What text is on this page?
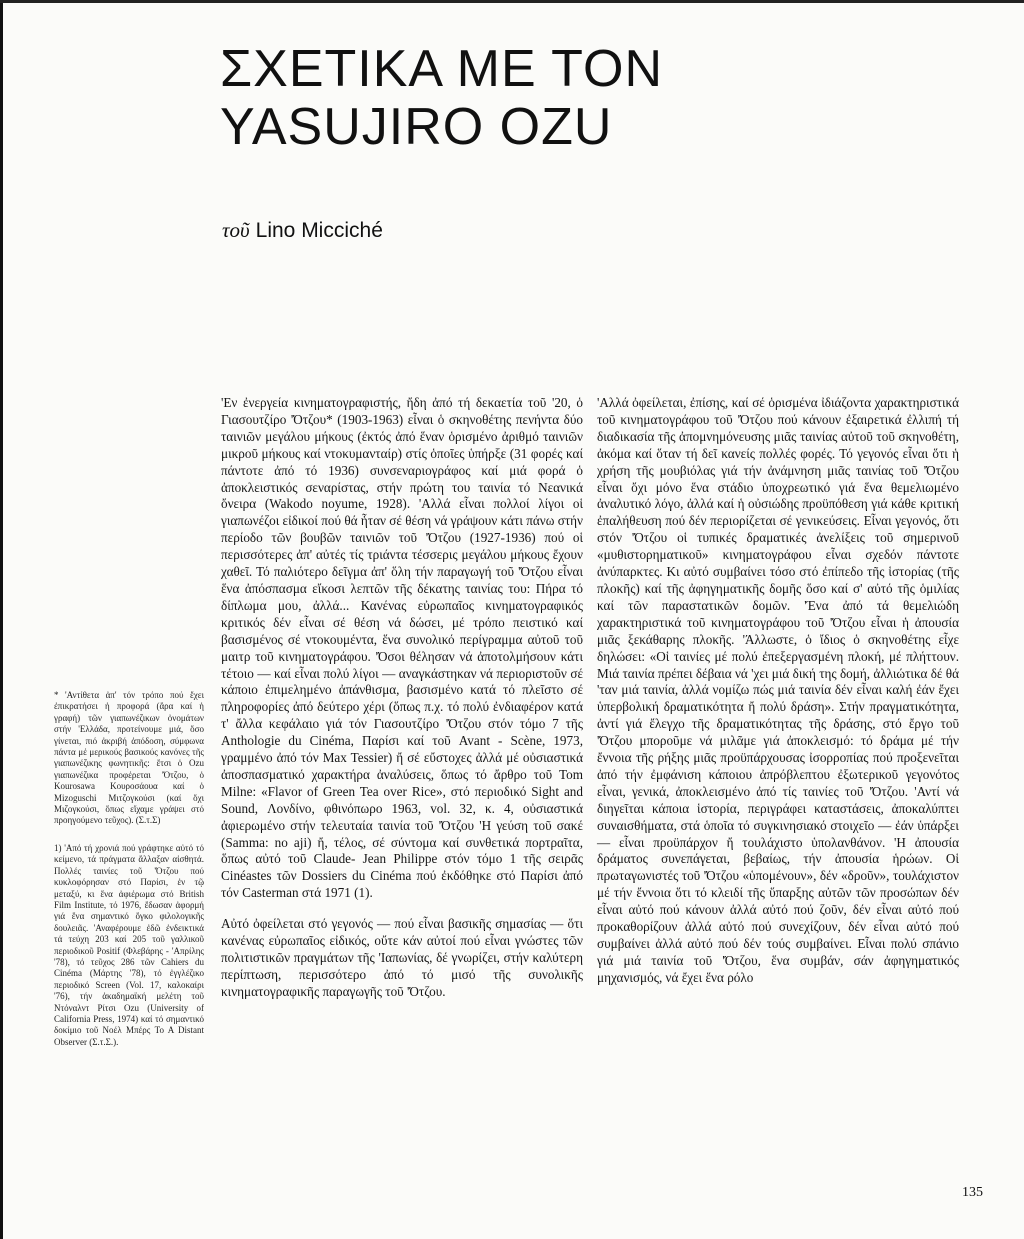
ΣΧΕΤΙΚΑ ΜΕ ΤΟΝ
YASUJIRO OZU
τοῦ Lino Micciché

* 'Αντίθετα ἀπ' τόν τρόπο πού ἔχει ἐπικρατήσει ἡ προφορά (ἄρα καί ἡ γραφή) τῶν γιαπωνέζικων ὀνομάτων στήν 'Ελλάδα, προτείνουμε μιά, ὅσο γίνεται, πιό ἀκριβή ἀπόδοση, σύμφωνα πάντα μέ μερικούς βασικούς κανόνες τῆς γιαπωνέζικης φωνητικῆς: ἔτσι ὁ Ozu γιαπωνέζικα προφέρεται 'Ότζου, ὁ Kourosawa Κουροσάουα καί ὁ Mizoguschi Μιτζογκούσι (καί ὄχι Μιζογκούσι, ὅπως εἴχαμε γράψει στό προηγούμενο τεῦχος). (Σ.τ.Σ)

1) 'Από τή χρονιά πού γράφτηκε αὐτό τό κείμενο, τά πράγματα ἄλλαξαν αἰσθητά. Πολλές ταινίες τοῦ 'Ότζου πού κυκλοφόρησαν στό Παρίσι, ἐν τῷ μεταξύ, κι ἕνα ἀφιέρωμα στό British Film Institute, τό 1976, ἔδωσαν ἀφορμή γιά ἕνα σημαντικό ὄγκο φιλολογικῆς δουλειᾶς. 'Αναφέρουμε ἐδῶ ἐνδεικτικά τά τεύχη 203 καί 205 τοῦ γαλλικοῦ περιοδικοῦ Positif (Φλεβάρης - 'Απρίλης '78), τό τεῦχος 286 τῶν Cahiers du Cinéma (Μάρτης '78), τό ἐγγλέζικο περιοδικό Screen (Vol. 17, καλοκαίρι '76), τήν ἀκαδημαϊκή μελέτη τοῦ Ντόναλντ Ρίτσι Ozu (University of California Press, 1974) καί τό σημαντικό δοκίμιο τοῦ Νοέλ Μπέρς To A Distant Observer (Σ.τ.Σ.).

'Εν ἐνεργεία κινηματογραφιστής, ἤδη ἀπό τή δεκαετία τοῦ '20, ὁ Γιασουτζίρο 'Ότζου* (1903-1963) εἶναι ὁ σκηνοθέτης πενήντα δύο ταινιῶν μεγάλου μήκους (ἐκτός ἀπό ἕναν ὁρισμένο ἀριθμό ταινιῶν μικροῦ μήκους καί ντοκυμανταίρ) στίς ὁποῖες ὑπήρξε (31 φορές καί πάντοτε ἀπό τό 1936) συνσεναριογράφος καί μιά φορά ὁ ἀποκλειστικός σεναρίστας, στήν πρώτη του ταινία τό Νεανικά ὄνειρα (Wakodo noyume, 1928). 'Αλλά εἶναι πολλοί λίγοι οἱ γιαπωνέζοι εἰδικοί πού θά ἦταν σέ θέση νά γράψουν κάτι πάνω στήν περίοδο τῶν βουβῶν ταινιῶν τοῦ 'Ότζου (1927-1936) πού οἱ περισσότερες ἀπ' αὐτές τίς τριάντα τέσσερις μεγάλου μήκους ἔχουν χαθεῖ. Τό παλιότερο δεῖγμα ἀπ' ὅλη τήν παραγωγή τοῦ 'Ότζου εἶναι ἕνα ἀπόσπασμα εἴκοσι λεπτῶν τῆς δέκατης ταινίας του: Πήρα τό δίπλωμα μου, ἀλλά... Κανένας εὐρωπαῖος κινηματογραφικός κριτικός δέν εἶναι σέ θέση νά δώσει, μέ τρόπο πειστικό καί βασισμένος σέ ντοκουμέντα, ἕνα συνολικό περίγραμμα αὐτοῦ τοῦ μαιτρ τοῦ κινηματογράφου. 'Όσοι θέλησαν νά ἀποτολμήσουν κάτι τέτοιο — καί εἶναι πολύ λίγοι — αναγκάστηκαν νά περιοριστοῦν σέ κάποιο ἐπιμελημένο ἀπάνθισμα, βασισμένο κατά τό πλεῖστο σέ πληροφορίες ἀπό δεύτερο χέρι (ὅπως π.χ. τό πολύ ἐνδιαφέρον κατά τ' ἄλλα κεφάλαιο γιά τόν Γιασουτζίρο 'Ότζου στόν τόμο 7 τῆς Anthologie du Cinéma, Παρίσι καί τοῦ Avant - Scène, 1973, γραμμένο ἀπό τόν Max Tessier) ἤ σέ εὔστοχες ἀλλά μέ οὐσιαστικά ἀποσπασματικό χαρακτήρα ἀναλύσεις, ὅπως τό ἄρθρο τοῦ Tom Milne: «Flavor of Green Tea over Rice», στό περιοδικό Sight and Sound, Λονδίνο, φθινόπωρο 1963, vol. 32, κ. 4, οὐσιαστικά ἀφιερωμένο στήν τελευταία ταινία τοῦ 'Ότζου 'Η γεύση τοῦ σακέ (Samma: no aji) ἤ, τέλος, σέ σύντομα καί συνθετικά πορτραῖτα, ὅπως αὐτό τοῦ Claude- Jean Philippe στόν τόμο 1 τῆς σειρᾶς Cinéastes τῶν Dossiers du Cinéma πού ἐκδόθηκε στό Παρίσι ἀπό τόν Casterman στά 1971 (1).

Αὐτό ὀφείλεται στό γεγονός — πού εἶναι βασικῆς σημασίας — ὅτι κανένας εὐρωπαῖος εἰδικός, οὔτε κάν αὐτοί πού εἶναι γνώστες τῶν πολιτιστικῶν πραγμάτων τῆς 'Ιαπωνίας, δέ γνωρίζει, στήν καλύτερη περίπτωση, περισσότερο ἀπό τό μισό τῆς συνολικῆς κινηματογραφικῆς παραγωγῆς τοῦ 'Ότζου.

'Αλλά ὀφείλεται, ἐπίσης, καί σέ ὁρισμένα ἰδιάζοντα χαρακτηριστικά τοῦ κινηματογράφου τοῦ 'Ότζου πού κάνουν ἐξαιρετικά ἐλλιπή τή διαδικασία τῆς ἀπομνημόνευσης μιᾶς ταινίας αὐτοῦ τοῦ σκηνοθέτη, ἀκόμα καί ὅταν τή δεῖ κανείς πολλές φορές. Τό γεγονός εἶναι ὅτι ἡ χρήση τῆς μουβιόλας γιά τήν ἀνάμνηση μιᾶς ταινίας τοῦ 'Ότζου εἶναι ὄχι μόνο ἕνα στάδιο ὑποχρεωτικό γιά ἕνα θεμελιωμένο ἀναλυτικό λόγο, ἀλλά καί ἡ οὐσιώδης προϋπόθεση γιά κάθε κριτική ἐπαλήθευση πού δέν περιορίζεται σέ γενικεύσεις. Εἶναι γεγονός, ὅτι στόν 'Ότζου οἱ τυπικές δραματικές ἀνελίξεις τοῦ σημερινοῦ «μυθιστορηματικοῦ» κινηματογράφου εἶναι σχεδόν πάντοτε ἀνύπαρκτες. Κι αὐτό συμβαίνει τόσο στό ἐπίπεδο τῆς ἱστορίας (τῆς πλοκῆς) καί τῆς ἀφηγηματικῆς δομῆς ὅσο καί σ' αὐτό τῆς ὁμιλίας καί τῶν παραστατικῶν δομῶν. 'Ένα ἀπό τά θεμελιώδη χαρακτηριστικά τοῦ κινηματογράφου τοῦ 'Ότζου εἶναι ἡ ἀπουσία μιᾶς ξεκάθαρης πλοκῆς. 'Άλλωστε, ὁ ἴδιος ὁ σκηνοθέτης εἶχε δηλώσει: «Οἱ ταινίες μέ πολύ ἐπεξεργασμένη πλοκή, μέ πλήττουν. Μιά ταινία πρέπει δέβαια νά 'χει μιά δική της δομή, ἀλλιώτικα δέ θά 'ταν μιά ταινία, ἀλλά νομίζω πώς μιά ταινία δέν εἶναι καλή ἐάν ἔχει ὑπερβολική δραματικότητα ἤ πολύ δράση». Στήν πραγματικότητα, ἀντί γιά ἔλεγχο τῆς δραματικότητας τῆς δράσης, στό ἔργο τοῦ 'Ότζου μποροῦμε νά μιλᾶμε γιά ἀποκλεισμό: τό δράμα μέ τήν ἔννοια τῆς ρήξης μιᾶς προϋπάρχουσας ἰσορροπίας πού προξενεῖται ἀπό τήν ἐμφάνιση κάποιου ἀπρόβλεπτου ἐξωτερικοῦ γεγονότος εἶναι, γενικά, ἀποκλεισμένο ἀπό τίς ταινίες τοῦ 'Ότζου. 'Αντί νά διηγεῖται κάποια ἱστορία, περιγράφει καταστάσεις, ἀποκαλύπτει συναισθήματα, στά ὁποῖα τό συγκινησιακό στοιχεῖο — ἐάν ὑπάρξει — εἶναι προϋπάρχον ἤ τουλάχιστο ὑπολανθάνον. 'Η ἀπουσία δράματος συνεπάγεται, βεβαίως, τήν ἀπουσία ἡρώων. Οἱ πρωταγωνιστές τοῦ 'Ότζου «ὑπομένουν», δέν «δροῦν», τουλάχιστον μέ τήν ἔννοια ὅτι τό κλειδί τῆς ὕπαρξης αὐτῶν τῶν προσώπων δέν εἶναι αὐτό πού κάνουν ἀλλά αὐτό πού ζοῦν, δέν εἶναι αὐτό πού προκαθορίζουν ἀλλά αὐτό πού συνεχίζουν, δέν εἶναι αὐτό πού συμβαίνει ἀλλά αὐτό πού δέν τούς συμβαίνει. Εἶναι πολύ σπάνιο γιά μιά ταινία τοῦ 'Ότζου, ἕνα συμβάν, σάν ἀφηγηματικός μηχανισμός, νά ἔχει ἕνα ρόλο

135
